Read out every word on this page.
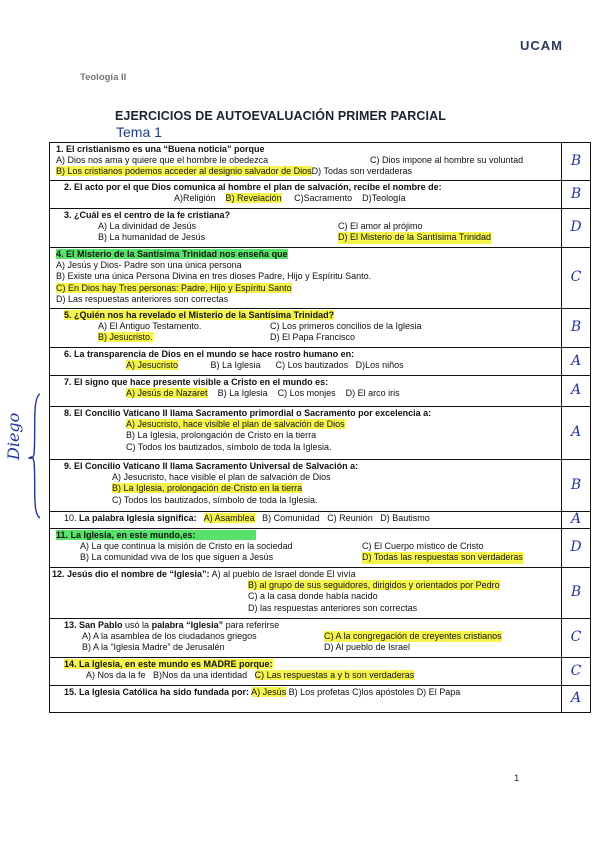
UCAM
Teología II
EJERCICIOS DE AUTOEVALUACIÓN PRIMER PARCIAL
Tema 1
Diego
1. El cristianismo es una “Buena noticia” porque
A) Dios nos ama y quiere que el hombre le obedezca	C) Dios impone al hombre su voluntad
B) Los cristianos podemos acceder al designio salvador de DiosD) Todas son verdaderas
B
2. El acto por el que Dios comunica al hombre el plan de salvación, recibe el nombre de:
A)Religión B) Revelación C)Sacramento D)Teología	B
3. ¿Cuál es el centro de la fe cristiana?
A) La divinidad de Jesús	C) El amor al prójimo
B) La humanidad de Jesús	D) El Misterio de la Santísima Trinidad
D
4. El Misterio de la Santísima Trinidad nos enseña que
A) Jesús y Dios- Padre son una única persona
B) Existe una única Persona Divina en tres dioses Padre, Hijo y Espíritu Santo.
C) En Dios hay Tres personas: Padre, Hijo y Espíritu Santo
D) Las respuestas anteriores son correctas
C
5. ¿Quién nos ha revelado el Misterio de la Santísima Trinidad?
A) El Antiguo Testamento.	C) Los primeros concilios de la Iglesia
B) Jesucristo.	D) El Papa Francisco
B
6. La transparencia de Dios en el mundo se hace rostro humano en:
A) Jesucristo	B) La Iglesia C) Los bautizados D)Los niños	A
7. El signo que hace presente visible a Cristo en el mundo es:
A) Jesús de Nazaret B) La Iglesia C) Los monjes D) El arco iris	A
8. El Concilio Vaticano II llama Sacramento primordial o Sacramento por excelencia a:
A) Jesucristo, hace visible el plan de salvación de Dios
B) La Iglesia, prolongación de Cristo en la tierra
C) Todos los bautizados, símbolo de toda la Iglesia.
A
9. El Concilio Vaticano II llama Sacramento Universal de Salvación a:
A) Jesucristo, hace visible el plan de salvación de Dios
B) La Iglesia, prolongación de Cristo en la tierra
C) Todos los bautizados, símbolo de toda la Iglesia.
B
10. La palabra Iglesia significa: A) Asamblea B) Comunidad C) Reunión D) Bautismo	A
11. La Iglesia, en este mundo,es:
A) La que continua la misión de Cristo en la sociedad	C) El Cuerpo místico de Cristo
B) La comunidad viva de los que siguen a Jesús	D) Todas las respuestas son verdaderas
D
12. Jesús dio el nombre de “Iglesia”: A) al pueblo de Israel donde El vivía
B) al grupo de sus seguidores, dirigidos y orientados por Pedro
C) a la casa donde había nacido
D) las respuestas anteriores son correctas
B
13. San Pablo usó la palabra “Iglesia” para referirse
A) A la asamblea de los ciudadanos griegos	C) A la congregación de creyentes cristianos
B) A la “Iglesia Madre” de Jerusalén	D) Al pueblo de Israel
C
14. La Iglesia, en este mundo es MADRE porque:
A) Nos da la fe B)Nos da una identidad C) Las respuestas a y b son verdaderas	C
15. La Iglesia Católica ha sido fundada por: A) Jesús B) Los profetas C)los apóstoles D) El Papa	A
1
